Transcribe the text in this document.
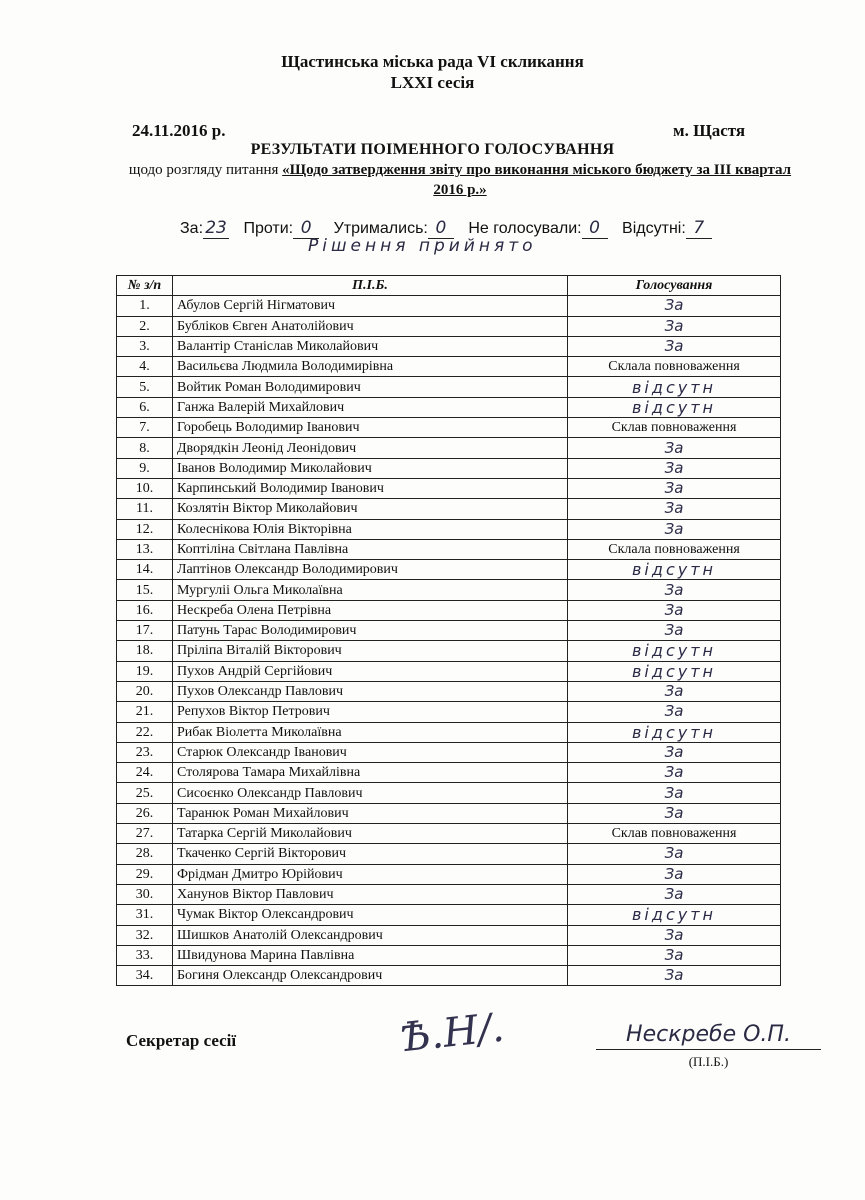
Щастинська міська рада VI скликання
LXXI сесія
24.11.2016 р.	м. Щастя
РЕЗУЛЬТАТИ ПОІМЕННОГО ГОЛОСУВАННЯ
щодо розгляду питання «Щодо затвердження звіту про виконання міського бюджету за ІІІ квартал 2016 р.»
За: 23 Проти: 0 Утримались: 0 Не голосували: 0 Відсутні: 7
Рішення прийнято
№ з/п	П.І.Б.	Голосування
1.	Абулов Сергій Нігматович	За
2.	Бубліков Євген Анатолійович	За
3.	Валантір Станіслав Миколайович	За
4.	Васильєва Людмила Володимирівна	Склала повноваження
5.	Войтик Роман Володимирович	відсутн
6.	Ганжа Валерій Михайлович	відсутн
7.	Горобець Володимир Іванович	Склав повноваження
8.	Дворядкін Леонід Леонідович	За
9.	Іванов Володимир Миколайович	За
10.	Карпинський Володимир Іванович	За
11.	Козлятін Віктор Миколайович	За
12.	Колеснікова Юлія Вікторівна	За
13.	Коптіліна Світлана Павлівна	Склала повноваження
14.	Лаптінов Олександр Володимирович	відсутн
15.	Мургуліі Ольга Миколаївна	За
16.	Нескреба Олена Петрівна	За
17.	Патунь Тарас Володимирович	За
18.	Пріліпа Віталій Вікторович	відсутн
19.	Пухов Андрій Сергійович	відсутн
20.	Пухов Олександр Павлович	За
21.	Репухов Віктор Петрович	За
22.	Рибак Віолетта Миколаївна	відсутн
23.	Старюк Олександр Іванович	За
24.	Столярова Тамара Михайлівна	За
25.	Сисоєнко Олександр Павлович	За
26.	Таранюк Роман Михайлович	За
27.	Татарка Сергій Миколайович	Склав повноваження
28.	Ткаченко Сергій Вікторович	За
29.	Фрідман Дмитро Юрійович	За
30.	Ханунов Віктор Павлович	За
31.	Чумак Віктор Олександрович	відсутн
32.	Шишков Анатолій Олександрович	За
33.	Швидунова Марина Павлівна	За
34.	Богиня Олександр Олександрович	За
Секретар сесії	Ѣ.Н/.	Нескребе О.П.
(П.І.Б.)
